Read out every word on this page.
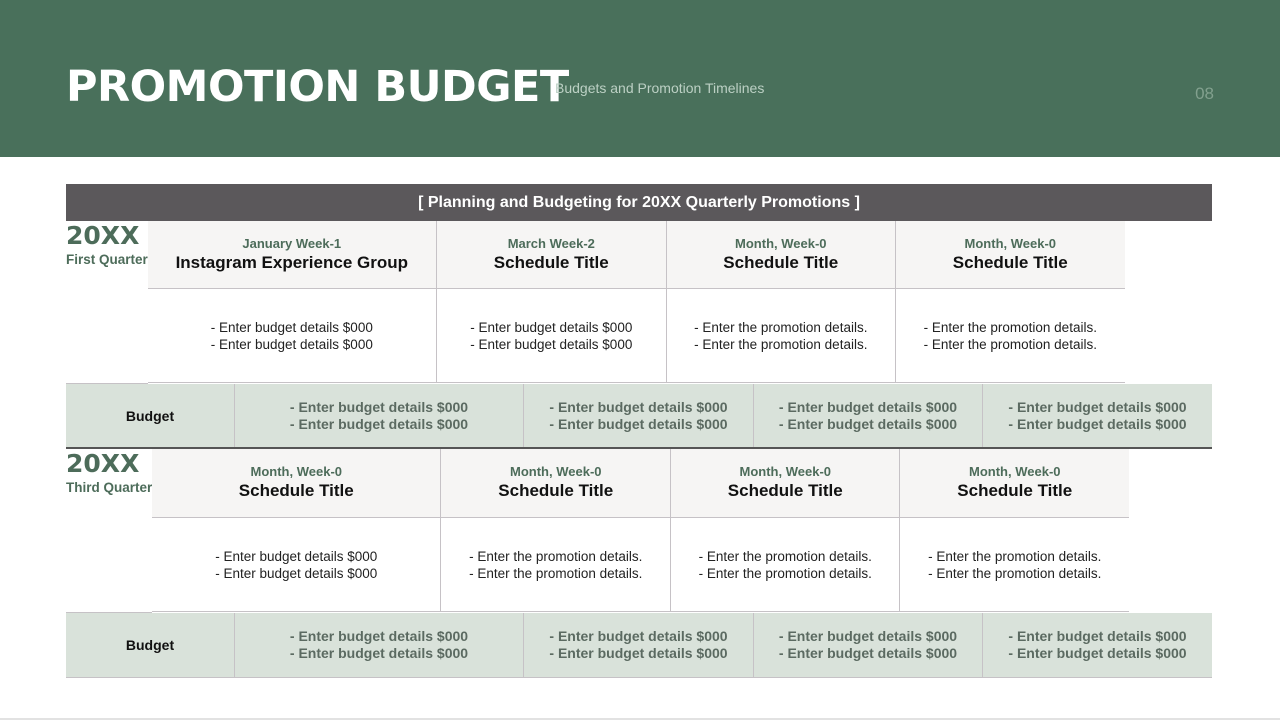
PROMOTION BUDGET
Budgets and Promotion Timelines	08
[ Planning and Budgeting for 20XX Quarterly Promotions ]
20XX
First Quarter
January Week-1
Instagram Experience Group
March Week-2
Schedule Title
Month, Week-0
Schedule Title
Month, Week-0
Schedule Title
- Enter budget details $000
- Enter budget details $000
- Enter budget details $000
- Enter budget details $000
- Enter the promotion details.
- Enter the promotion details.
- Enter the promotion details.
- Enter the promotion details.
Budget
- Enter budget details $000
- Enter budget details $000
- Enter budget details $000
- Enter budget details $000
- Enter budget details $000
- Enter budget details $000
- Enter budget details $000
- Enter budget details $000
20XX
Third Quarter
Month, Week-0
Schedule Title
Month, Week-0
Schedule Title
Month, Week-0
Schedule Title
Month, Week-0
Schedule Title
- Enter budget details $000
- Enter budget details $000
- Enter the promotion details.
- Enter the promotion details.
- Enter the promotion details.
- Enter the promotion details.
- Enter the promotion details.
- Enter the promotion details.
Budget
- Enter budget details $000
- Enter budget details $000
- Enter budget details $000
- Enter budget details $000
- Enter budget details $000
- Enter budget details $000
- Enter budget details $000
- Enter budget details $000
